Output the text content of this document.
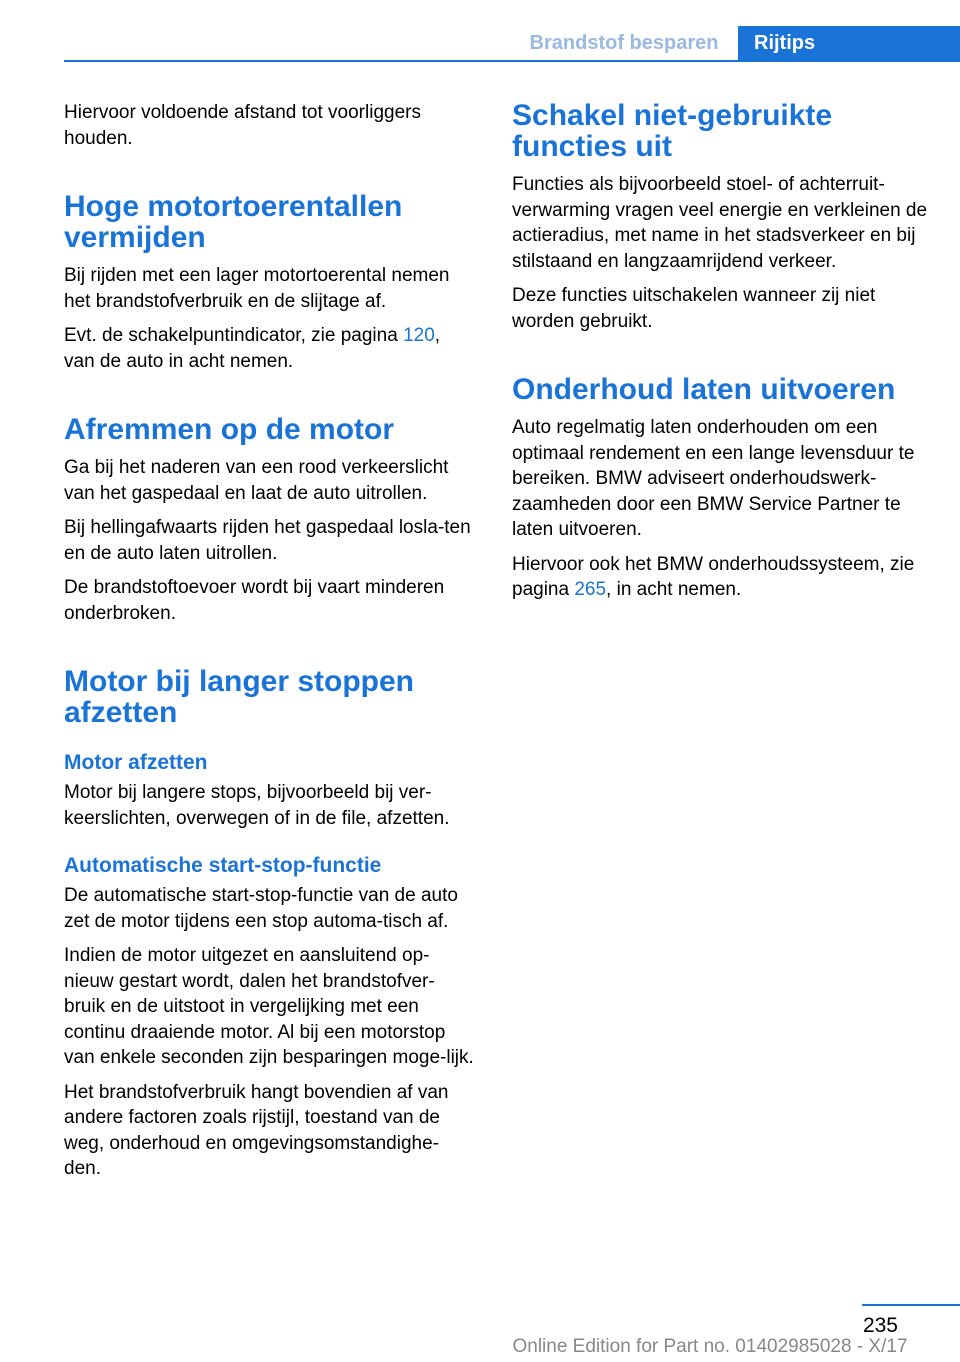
Brandstof besparen	Rijtips

Hiervoor voldoende afstand tot voorliggers houden.

Hoge motortoerentallen vermijden

Bij rijden met een lager motortoerental nemen het brandstofverbruik en de slijtage af.

Evt. de schakelpuntindicator, zie pagina 120, van de auto in acht nemen.

Afremmen op de motor

Ga bij het naderen van een rood verkeerslicht van het gaspedaal en laat de auto uitrollen.

Bij hellingafwaarts rijden het gaspedaal losla-ten en de auto laten uitrollen.

De brandstoftoevoer wordt bij vaart minderen onderbroken.

Motor bij langer stoppen afzetten
Motor afzetten

Motor bij langere stops, bijvoorbeeld bij ver-keerslichten, overwegen of in de file, afzetten.

Automatische start-stop-functie

De automatische start-stop-functie van de auto zet de motor tijdens een stop automa-tisch af.

Indien de motor uitgezet en aansluitend op-nieuw gestart wordt, dalen het brandstofver-bruik en de uitstoot in vergelijking met een continu draaiende motor. Al bij een motorstop van enkele seconden zijn besparingen moge-lijk.

Het brandstofverbruik hangt bovendien af van andere factoren zoals rijstijl, toestand van de weg, onderhoud en omgevingsomstandighe-den.

Schakel niet-gebruikte functies uit

Functies als bijvoorbeeld stoel- of achterruit-verwarming vragen veel energie en verkleinen de actieradius, met name in het stadsverkeer en bij stilstaand en langzaamrijdend verkeer.

Deze functies uitschakelen wanneer zij niet worden gebruikt.

Onderhoud laten uitvoeren

Auto regelmatig laten onderhouden om een optimaal rendement en een lange levensduur te bereiken. BMW adviseert onderhoudswerk-zaamheden door een BMW Service Partner te laten uitvoeren.

Hiervoor ook het BMW onderhoudssysteem, zie pagina 265, in acht nemen.

235
Online Edition for Part no. 01402985028 - X/17
